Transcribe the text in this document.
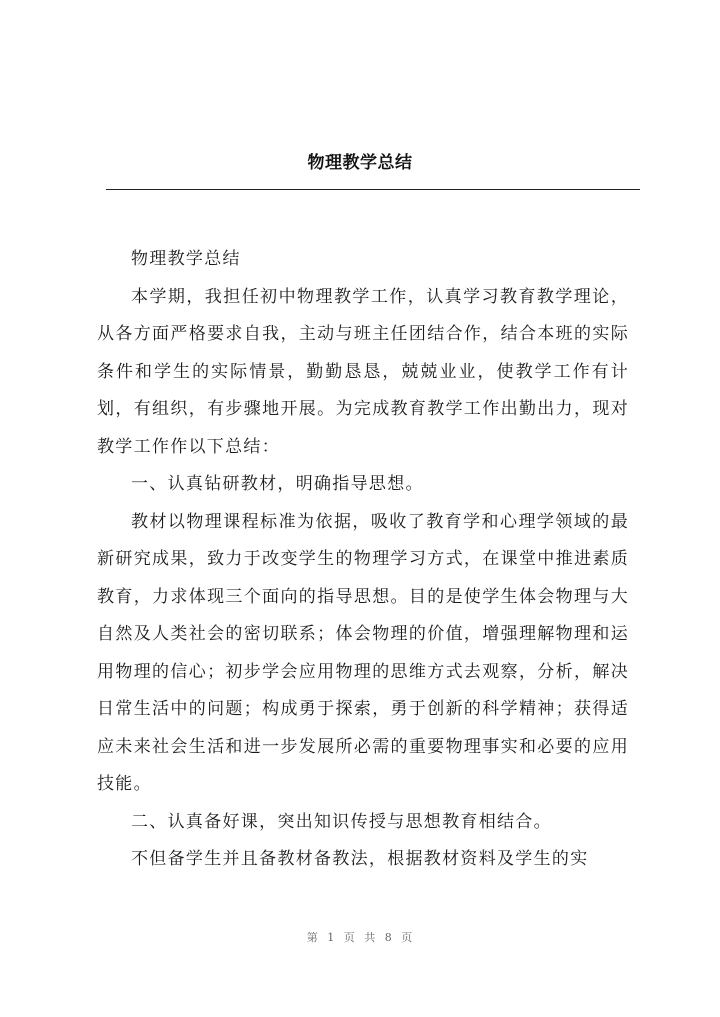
物理教学总结

物理教学总结

本学期，我担任初中物理教学工作，认真学习教育教学理论，从各方面严格要求自我，主动与班主任团结合作，结合本班的实际条件和学生的实际情景，勤勤恳恳，兢兢业业，使教学工作有计划，有组织，有步骤地开展。为完成教育教学工作出勤出力，现对教学工作作以下总结：

一、认真钻研教材，明确指导思想。

教材以物理课程标准为依据，吸收了教育学和心理学领域的最新研究成果，致力于改变学生的物理学习方式，在课堂中推进素质教育，力求体现三个面向的指导思想。目的是使学生体会物理与大自然及人类社会的密切联系；体会物理的价值，增强理解物理和运用物理的信心；初步学会应用物理的思维方式去观察，分析，解决日常生活中的问题；构成勇于探索，勇于创新的科学精神；获得适应未来社会生活和进一步发展所必需的重要物理事实和必要的应用技能。

二、认真备好课，突出知识传授与思想教育相结合。

不但备学生并且备教材备教法，根据教材资料及学生的实

第 1 页 共 8 页
